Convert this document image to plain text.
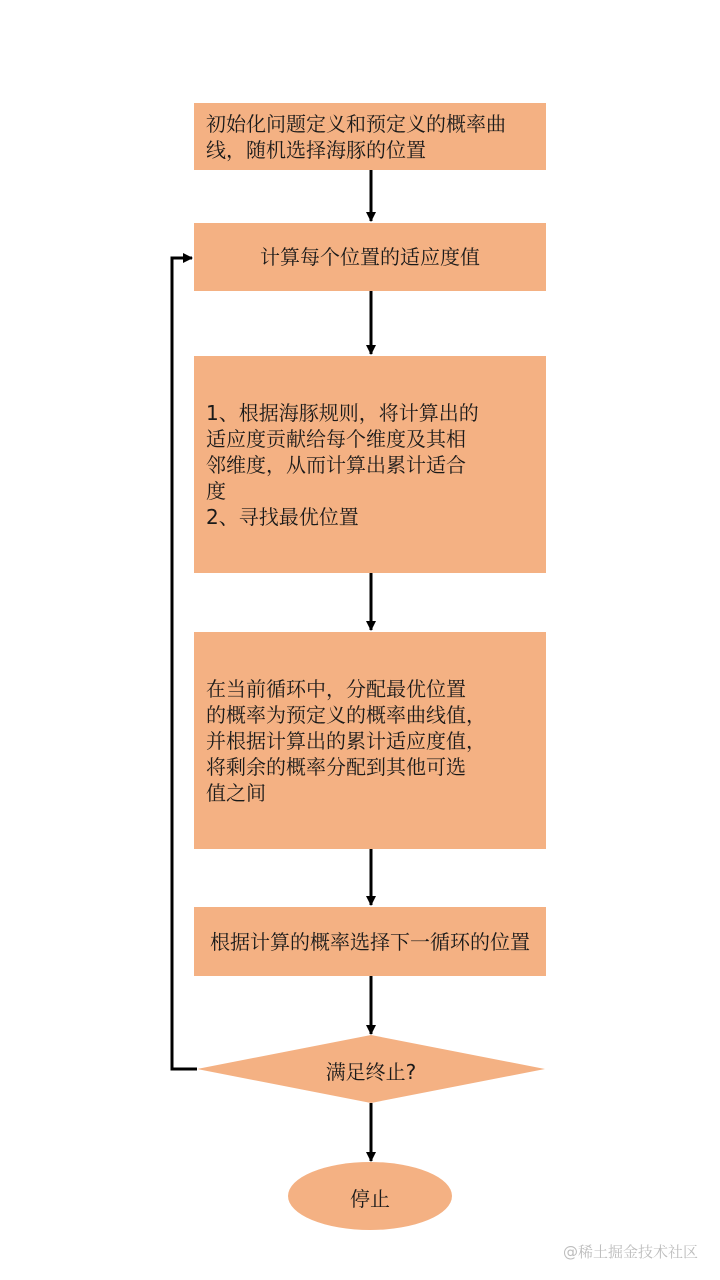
初始化问题定义和预定义的概率曲线，随机选择海豚的位置
计算每个位置的适应度值
1、根据海豚规则，将计算出的
适应度贡献给每个维度及其相
邻维度，从而计算出累计适合
度
2、寻找最优位置
在当前循环中，分配最优位置
的概率为预定义的概率曲线值，
并根据计算出的累计适应度值，
将剩余的概率分配到其他可选
值之间
根据计算的概率选择下一循环的位置
满足终止?
停止
@稀土掘金技术社区
